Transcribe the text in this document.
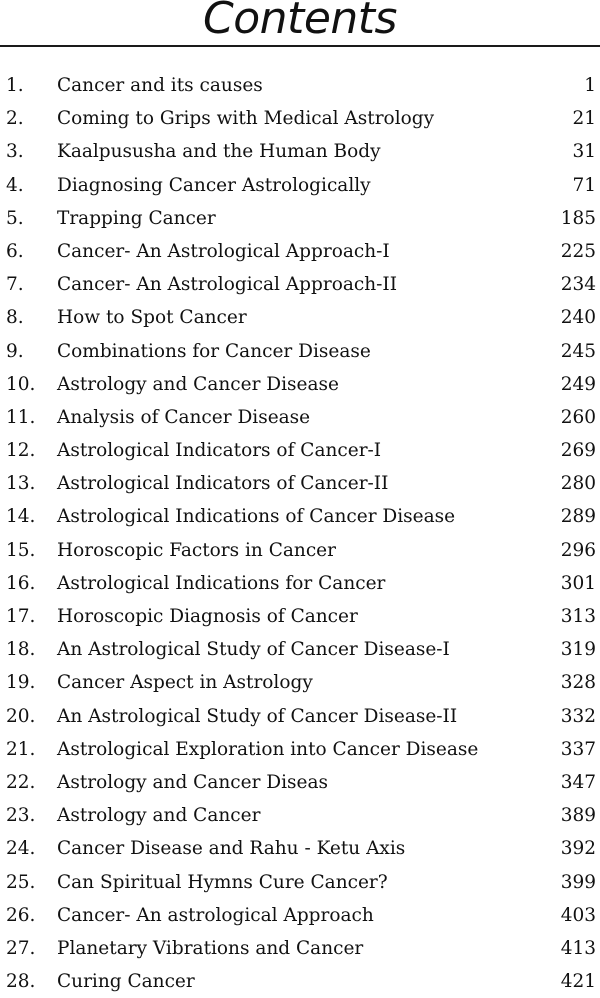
Contents
1. Cancer and its causes	1
2. Coming to Grips with Medical Astrology	21
3. Kaalpususha and the Human Body	31
4. Diagnosing Cancer Astrologically	71
5. Trapping Cancer	185
6. Cancer- An Astrological Approach-I	225
7. Cancer- An Astrological Approach-II	234
8. How to Spot Cancer	240
9. Combinations for Cancer Disease	245
10. Astrology and Cancer Disease	249
11. Analysis of Cancer Disease	260
12. Astrological Indicators of Cancer-I	269
13. Astrological Indicators of Cancer-II	280
14. Astrological Indications of Cancer Disease	289
15. Horoscopic Factors in Cancer	296
16. Astrological Indications for Cancer	301
17. Horoscopic Diagnosis of Cancer	313
18. An Astrological Study of Cancer Disease-I	319
19. Cancer Aspect in Astrology	328
20. An Astrological Study of Cancer Disease-II	332
21. Astrological Exploration into Cancer Disease	337
22. Astrology and Cancer Diseas	347
23. Astrology and Cancer	389
24. Cancer Disease and Rahu - Ketu Axis	392
25. Can Spiritual Hymns Cure Cancer?	399
26. Cancer- An astrological Approach	403
27. Planetary Vibrations and Cancer	413
28. Curing Cancer	421
